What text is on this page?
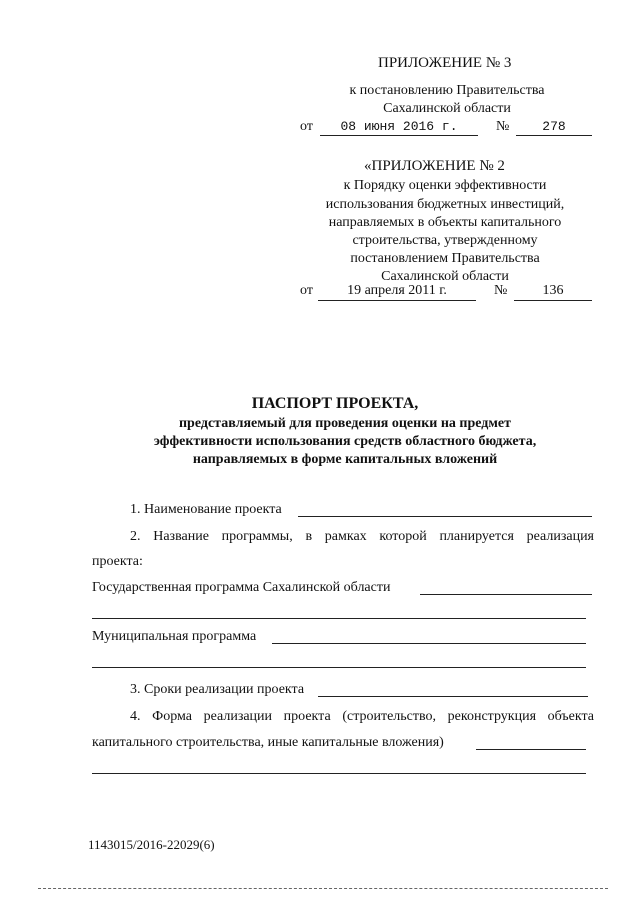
ПРИЛОЖЕНИЕ № 3
к постановлению Правительства
Сахалинской области
от	08 июня 2016 г.	№	278
«ПРИЛОЖЕНИЕ № 2
к Порядку оценки эффективности
использования бюджетных инвестиций,
направляемых в объекты капитального
строительства, утвержденному
постановлением Правительства
Сахалинской области
от	19 апреля 2011 г.	№	136
ПАСПОРТ ПРОЕКТА,
представляемый для проведения оценки на предмет
эффективности использования средств областного бюджета,
направляемых в форме капитальных вложений
1. Наименование проекта
2. Название программы, в рамках которой планируется реализация
проекта:
Государственная программа Сахалинской области
Муниципальная программа
3. Сроки реализации проекта
4. Форма реализации проекта (строительство, реконструкция объекта
капитального строительства, иные капитальные вложения)
1143015/2016-22029(6)
